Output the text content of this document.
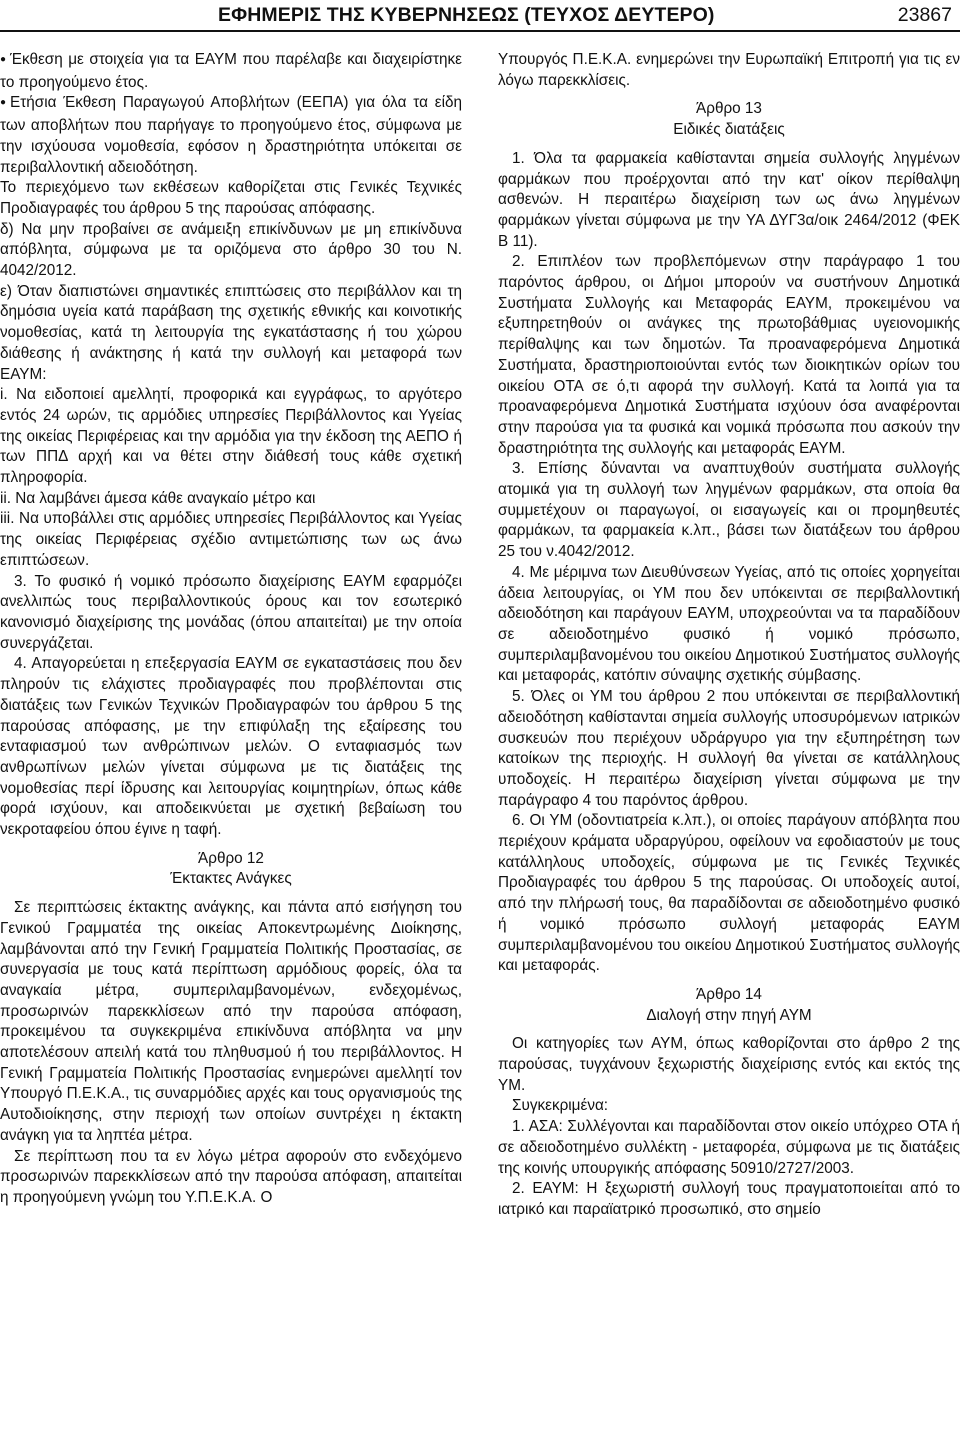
ΕΦΗΜΕΡΙΣ ΤΗΣ ΚΥΒΕΡΝΗΣΕΩΣ (ΤΕΥΧΟΣ ΔΕΥΤΕΡΟ)	23867

● Έκθεση με στοιχεία για τα ΕΑΥΜ που παρέλαβε και διαχειρίστηκε το προηγούμενο έτος.

● Ετήσια Έκθεση Παραγωγού Αποβλήτων (ΕΕΠΑ) για όλα τα είδη των αποβλήτων που παρήγαγε το προηγούμενο έτος, σύμφωνα με την ισχύουσα νομοθεσία, εφόσον η δραστηριότητα υπόκειται σε περιβαλλοντική αδειοδότηση.

Το περιεχόμενο των εκθέσεων καθορίζεται στις Γενικές Τεχνικές Προδιαγραφές του άρθρου 5 της παρούσας απόφασης.

δ) Να μην προβαίνει σε ανάμειξη επικίνδυνων με μη επικίνδυνα απόβλητα, σύμφωνα με τα οριζόμενα στο άρθρο 30 του Ν. 4042/2012.

ε) Όταν διαπιστώνει σημαντικές επιπτώσεις στο περιβάλλον και τη δημόσια υγεία κατά παράβαση της σχετικής εθνικής και κοινοτικής νομοθεσίας, κατά τη λειτουργία της εγκατάστασης ή του χώρου διάθεσης ή ανάκτησης ή κατά την συλλογή και μεταφορά των ΕΑΥΜ:

i. Να ειδοποιεί αμελλητί, προφορικά και εγγράφως, το αργότερο εντός 24 ωρών, τις αρμόδιες υπηρεσίες Περιβάλλοντος και Υγείας της οικείας Περιφέρειας και την αρμόδια για την έκδοση της ΑΕΠΟ ή των ΠΠΔ αρχή και να θέτει στην διάθεσή τους κάθε σχετική πληροφορία.

ii. Να λαμβάνει άμεσα κάθε αναγκαίο μέτρο και

iii. Να υποβάλλει στις αρμόδιες υπηρεσίες Περιβάλλοντος και Υγείας της οικείας Περιφέρειας σχέδιο αντιμετώπισης των ως άνω επιπτώσεων.

3. Το φυσικό ή νομικό πρόσωπο διαχείρισης ΕΑΥΜ εφαρμόζει ανελλιπώς τους περιβαλλοντικούς όρους και τον εσωτερικό κανονισμό διαχείρισης της μονάδας (όπου απαιτείται) με την οποία συνεργάζεται.

4. Απαγορεύεται η επεξεργασία ΕΑΥΜ σε εγκαταστάσεις που δεν πληρούν τις ελάχιστες προδιαγραφές που προβλέπονται στις διατάξεις των Γενικών Τεχνικών Προδιαγραφών του άρθρου 5 της παρούσας απόφασης, με την επιφύλαξη της εξαίρεσης του ενταφιασμού των ανθρώπινων μελών. Ο ενταφιασμός των ανθρωπίνων μελών γίνεται σύμφωνα με τις διατάξεις της νομοθεσίας περί ίδρυσης και λειτουργίας κοιμητηρίων, όπως κάθε φορά ισχύουν, και αποδεικνύεται με σχετική βεβαίωση του νεκροταφείου όπου έγινε η ταφή.

Άρθρο 12

Έκτακτες Ανάγκες

Σε περιπτώσεις έκτακτης ανάγκης, και πάντα από εισήγηση του Γενικού Γραμματέα της οικείας Αποκεντρωμένης Διοίκησης, λαμβάνονται από την Γενική Γραμματεία Πολιτικής Προστασίας, σε συνεργασία με τους κατά περίπτωση αρμόδιους φορείς, όλα τα αναγκαία μέτρα, συμπεριλαμβανομένων, ενδεχομένως, προσωρινών παρεκκλίσεων από την παρούσα απόφαση, προκειμένου τα συγκεκριμένα επικίνδυνα απόβλητα να μην αποτελέσουν απειλή κατά του πληθυσμού ή του περιβάλλοντος. Η Γενική Γραμματεία Πολιτικής Προστασίας ενημερώνει αμελλητί τον Υπουργό Π.Ε.Κ.Α., τις συναρμόδιες αρχές και τους οργανισμούς της Αυτοδιοίκησης, στην περιοχή των οποίων συντρέχει η έκτακτη ανάγκη για τα ληπτέα μέτρα.

Σε περίπτωση που τα εν λόγω μέτρα αφορούν στο ενδεχόμενο προσωρινών παρεκκλίσεων από την παρούσα απόφαση, απαιτείται η προηγούμενη γνώμη του Υ.Π.Ε.Κ.Α. Ο

Υπουργός Π.Ε.Κ.Α. ενημερώνει την Ευρωπαϊκή Επιτροπή για τις εν λόγω παρεκκλίσεις.

Άρθρο 13

Ειδικές διατάξεις

1. Όλα τα φαρμακεία καθίστανται σημεία συλλογής ληγμένων φαρμάκων που προέρχονται από την κατ' οίκον περίθαλψη ασθενών. Η περαιτέρω διαχείριση των ως άνω ληγμένων φαρμάκων γίνεται σύμφωνα με την ΥΑ ΔΥΓ3α/οικ 2464/2012 (ΦΕΚ Β 11).

2. Επιπλέον των προβλεπόμενων στην παράγραφο 1 του παρόντος άρθρου, οι Δήμοι μπορούν να συστήνουν Δημοτικά Συστήματα Συλλογής και Μεταφοράς ΕΑΥΜ, προκειμένου να εξυπηρετηθούν οι ανάγκες της πρωτοβάθμιας υγειονομικής περίθαλψης και των δημοτών. Τα προαναφερόμενα Δημοτικά Συστήματα, δραστηριοποιούνται εντός των διοικητικών ορίων του οικείου ΟΤΑ σε ό,τι αφορά την συλλογή. Κατά τα λοιπά για τα προαναφερόμενα Δημοτικά Συστήματα ισχύουν όσα αναφέρονται στην παρούσα για τα φυσικά και νομικά πρόσωπα που ασκούν την δραστηριότητα της συλλογής και μεταφοράς ΕΑΥΜ.

3. Επίσης δύνανται να αναπτυχθούν συστήματα συλλογής ατομικά για τη συλλογή των ληγμένων φαρμάκων, στα οποία θα συμμετέχουν οι παραγωγοί, οι εισαγωγείς και οι προμηθευτές φαρμάκων, τα φαρμακεία κ.λπ., βάσει των διατάξεων του άρθρου 25 του ν.4042/2012.

4. Με μέριμνα των Διευθύνσεων Υγείας, από τις οποίες χορηγείται άδεια λειτουργίας, οι ΥΜ που δεν υπόκεινται σε περιβαλλοντική αδειοδότηση και παράγουν ΕΑΥΜ, υποχρεούνται να τα παραδίδουν σε αδειοδοτημένο φυσικό ή νομικό πρόσωπο, συμπεριλαμβανομένου του οικείου Δημοτικού Συστήματος συλλογής και μεταφοράς, κατόπιν σύναψης σχετικής σύμβασης.

5. Όλες οι ΥΜ του άρθρου 2 που υπόκεινται σε περιβαλλοντική αδειοδότηση καθίστανται σημεία συλλογής υποσυρόμενων ιατρικών συσκευών που περιέχουν υδράργυρο για την εξυπηρέτηση των κατοίκων της περιοχής. Η συλλογή θα γίνεται σε κατάλληλους υποδοχείς. Η περαιτέρω διαχείριση γίνεται σύμφωνα με την παράγραφο 4 του παρόντος άρθρου.

6. Οι ΥΜ (οδοντιατρεία κ.λπ.), οι οποίες παράγουν απόβλητα που περιέχουν κράματα υδραργύρου, οφείλουν να εφοδιαστούν με τους κατάλληλους υποδοχείς, σύμφωνα με τις Γενικές Τεχνικές Προδιαγραφές του άρθρου 5 της παρούσας. Οι υποδοχείς αυτοί, από την πλήρωσή τους, θα παραδίδονται σε αδειοδοτημένο φυσικό ή νομικό πρόσωπο συλλογή μεταφοράς ΕΑΥΜ συμπεριλαμβανομένου του οικείου Δημοτικού Συστήματος συλλογής και μεταφοράς.

Άρθρο 14

Διαλογή στην πηγή ΑΥΜ

Οι κατηγορίες των ΑΥΜ, όπως καθορίζονται στο άρθρο 2 της παρούσας, τυγχάνουν ξεχωριστής διαχείρισης εντός και εκτός της ΥΜ.

Συγκεκριμένα:

1. ΑΣΑ: Συλλέγονται και παραδίδονται στον οικείο υπόχρεο ΟΤΑ ή σε αδειοδοτημένο συλλέκτη - μεταφορέα, σύμφωνα με τις διατάξεις της κοινής υπουργικής απόφασης 50910/2727/2003.

2. ΕΑΥΜ: Η ξεχωριστή συλλογή τους πραγματοποιείται από το ιατρικό και παραϊατρικό προσωπικό, στο σημείο
